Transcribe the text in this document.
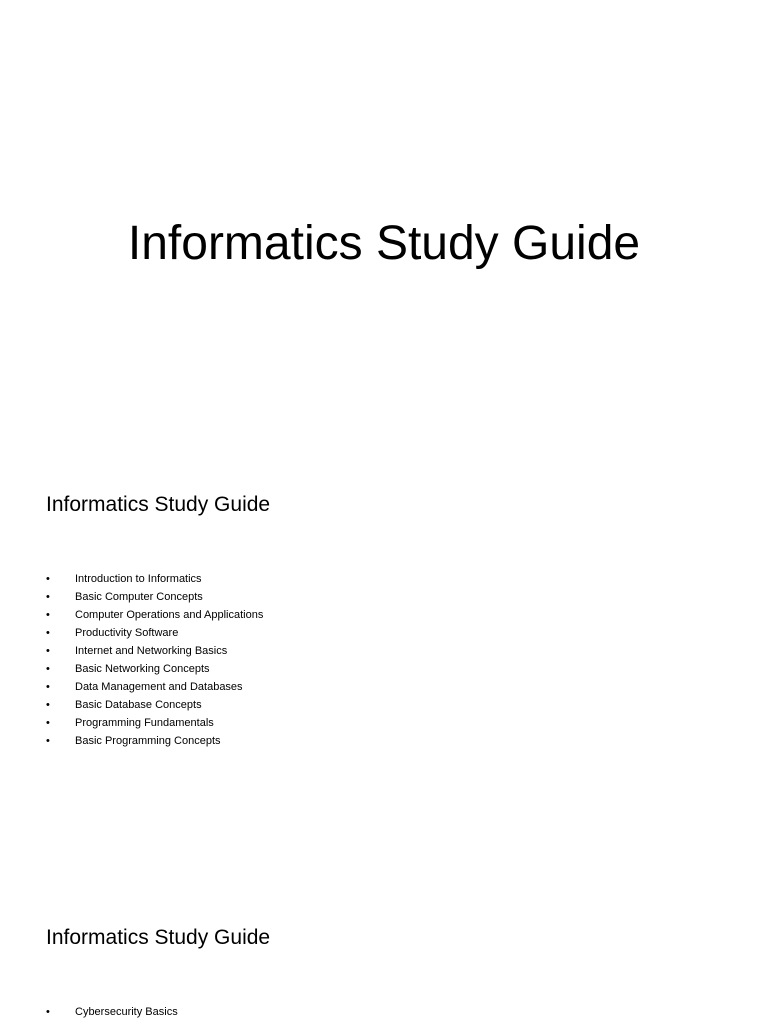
Informatics Study Guide
Informatics Study Guide
• Introduction to Informatics
• Basic Computer Concepts
• Computer Operations and Applications
• Productivity Software
• Internet and Networking Basics
• Basic Networking Concepts
• Data Management and Databases
• Basic Database Concepts
• Programming Fundamentals
• Basic Programming Concepts
Informatics Study Guide
• Cybersecurity Basics
